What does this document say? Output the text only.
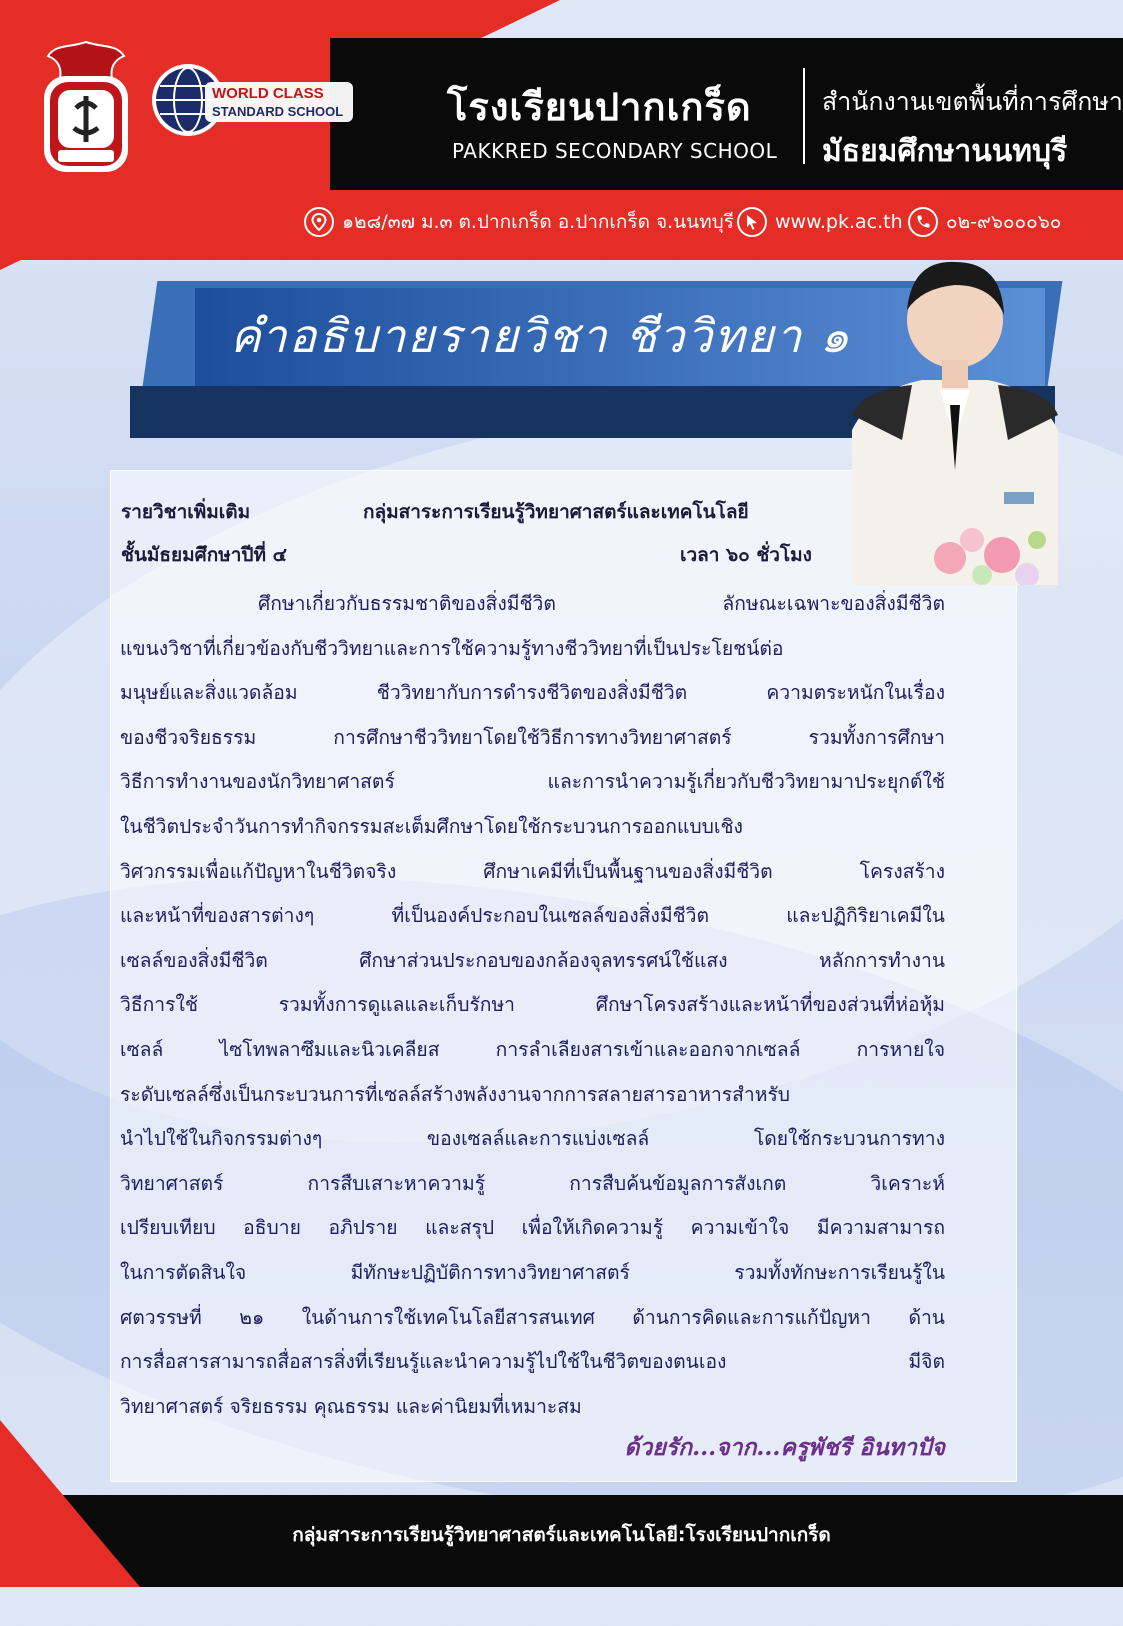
WORLD CLASS
STANDARD SCHOOL	โรงเรียนปากเกร็ด
PAKKRED SECONDARY SCHOOL
สำนักงานเขตพื้นที่การศึกษา
มัธยมศึกษานนทบุรี
๑๒๘/๓๗ ม.๓ ต.ปากเกร็ด อ.ปากเกร็ด จ.นนทบุรี www.pk.ac.th ๐๒-๙๖๐๐๐๖๐
คำอธิบายรายวิชา ชีววิทยา ๑
รายวิชาเพิ่มเติม	กลุ่มสาระการเรียนรู้วิทยาศาสตร์และเทคโนโลยี
ชั้นมัธยมศึกษาปีที่ ๔	เวลา ๖๐ ชั่วโมง
ศึกษาเกี่ยวกับธรรมชาติของสิ่งมีชีวิต ลักษณะเฉพาะของสิ่งมีชีวิต
แขนงวิชาที่เกี่ยวข้องกับชีววิทยาและการใช้ความรู้ทางชีววิทยาที่เป็นประโยชน์ต่อ
มนุษย์และสิ่งแวดล้อม ชีววิทยากับการดำรงชีวิตของสิ่งมีชีวิต ความตระหนักในเรื่อง
ของชีวจริยธรรม การศึกษาชีววิทยาโดยใช้วิธีการทางวิทยาศาสตร์ รวมทั้งการศึกษา
วิธีการทำงานของนักวิทยาศาสตร์ และการนำความรู้เกี่ยวกับชีววิทยามาประยุกต์ใช้
ในชีวิตประจำวันการทำกิจกรรมสะเต็มศึกษาโดยใช้กระบวนการออกแบบเชิง
วิศวกรรมเพื่อแก้ปัญหาในชีวิตจริง ศึกษาเคมีที่เป็นพื้นฐานของสิ่งมีชีวิต โครงสร้าง
และหน้าที่ของสารต่างๆ ที่เป็นองค์ประกอบในเซลล์ของสิ่งมีชีวิต และปฏิกิริยาเคมีใน
เซลล์ของสิ่งมีชีวิต ศึกษาส่วนประกอบของกล้องจุลทรรศน์ใช้แสง หลักการทำงาน
วิธีการใช้ รวมทั้งการดูแลและเก็บรักษา ศึกษาโครงสร้างและหน้าที่ของส่วนที่ห่อหุ้ม
เซลล์ ไซโทพลาซึมและนิวเคลียส การลำเลียงสารเข้าและออกจากเซลล์ การหายใจ
ระดับเซลล์ซึ่งเป็นกระบวนการที่เซลล์สร้างพลังงานจากการสลายสารอาหารสำหรับ
นำไปใช้ในกิจกรรมต่างๆ ของเซลล์และการแบ่งเซลล์ โดยใช้กระบวนการทาง
วิทยาศาสตร์ การสืบเสาะหาความรู้ การสืบค้นข้อมูลการสังเกต วิเคราะห์
เปรียบเทียบ อธิบาย อภิปราย และสรุป เพื่อให้เกิดความรู้ ความเข้าใจ มีความสามารถ
ในการตัดสินใจ มีทักษะปฏิบัติการทางวิทยาศาสตร์ รวมทั้งทักษะการเรียนรู้ใน
ศตวรรษที่ ๒๑ ในด้านการใช้เทคโนโลยีสารสนเทศ ด้านการคิดและการแก้ปัญหา ด้าน
การสื่อสารสามารถสื่อสารสิ่งที่เรียนรู้และนำความรู้ไปใช้ในชีวิตของตนเอง มีจิต
วิทยาศาสตร์ จริยธรรม คุณธรรม และค่านิยมที่เหมาะสม
ด้วยรัก...จาก...ครูพัชรี อินทาปัจ
กลุ่มสาระการเรียนรู้วิทยาศาสตร์และเทคโนโลยี:โรงเรียนปากเกร็ด
